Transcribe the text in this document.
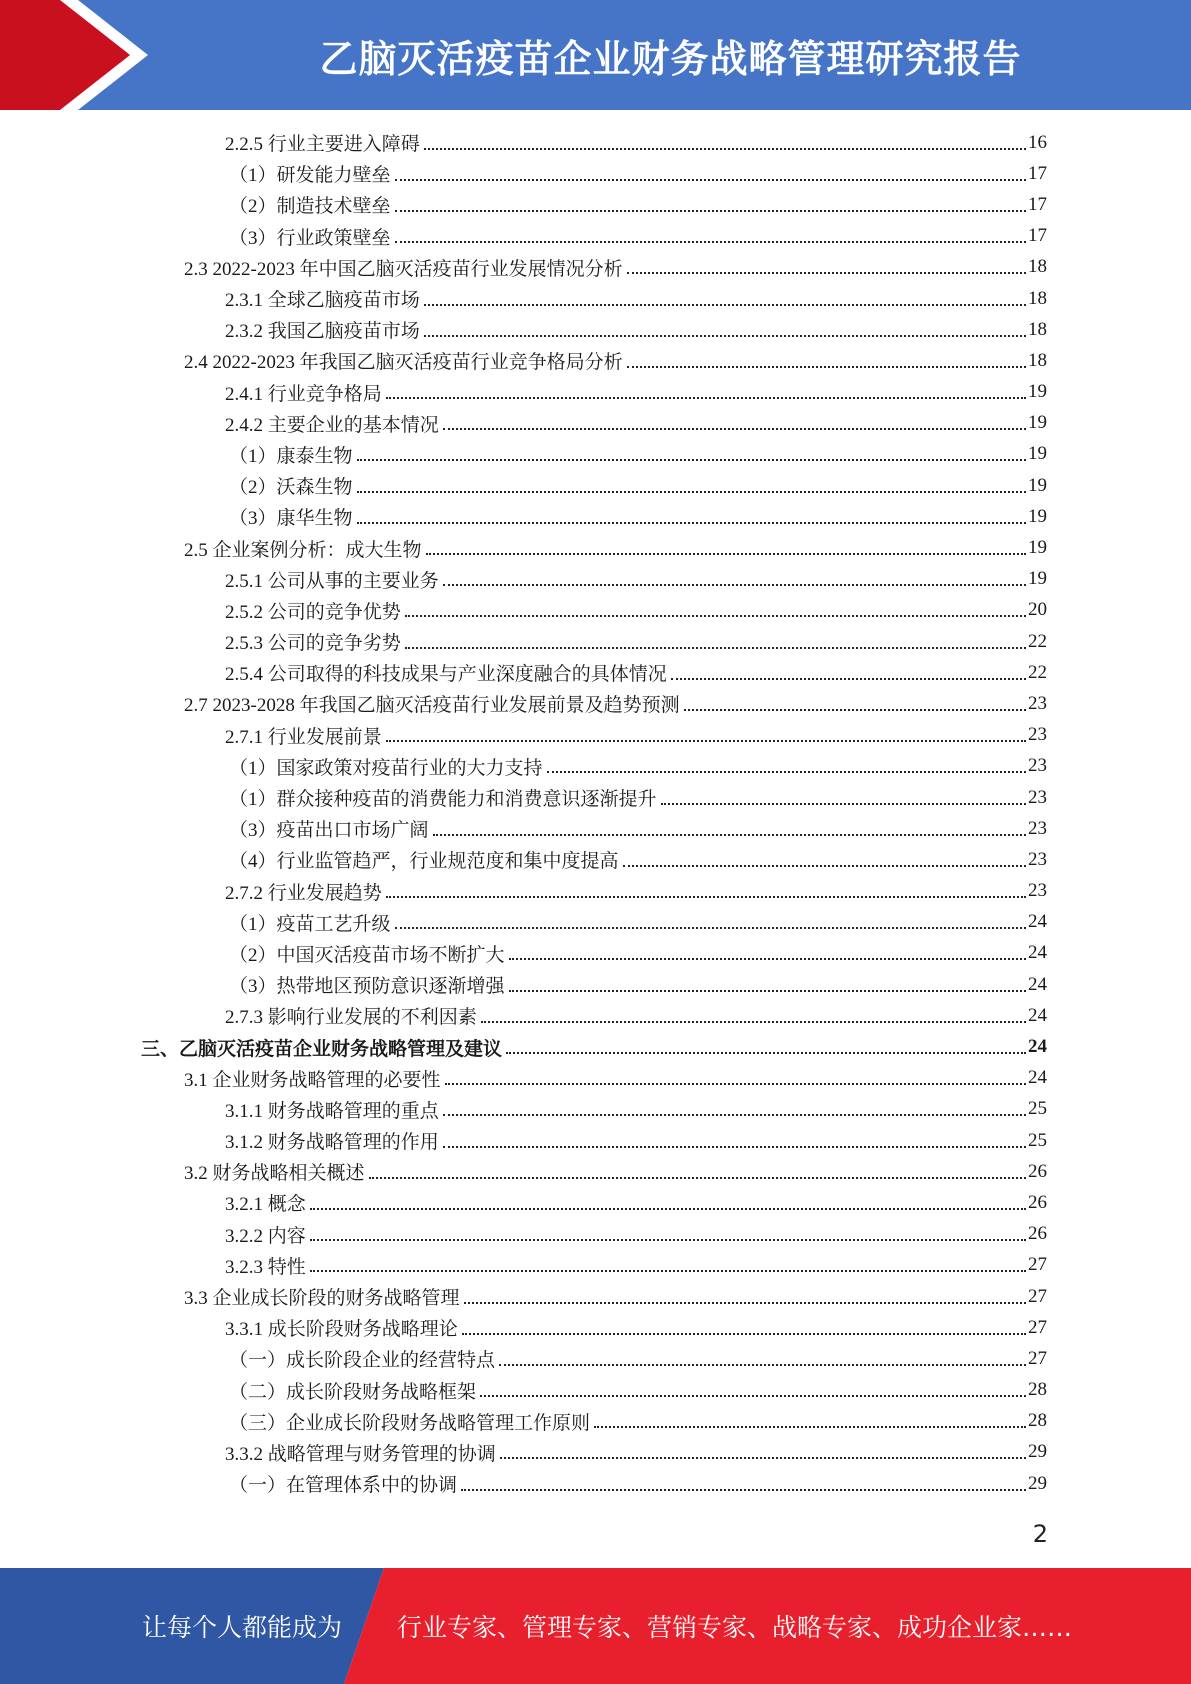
乙脑灭活疫苗企业财务战略管理研究报告
2.2.5 行业主要进入障碍	16
（1）研发能力壁垒	17
（2）制造技术壁垒	17
（3）行业政策壁垒	17
2.3 2022-2023 年中国乙脑灭活疫苗行业发展情况分析	18
2.3.1 全球乙脑疫苗市场	18
2.3.2 我国乙脑疫苗市场	18
2.4 2022-2023 年我国乙脑灭活疫苗行业竞争格局分析	18
2.4.1 行业竞争格局	19
2.4.2 主要企业的基本情况	19
（1）康泰生物	19
（2）沃森生物	19
（3）康华生物	19
2.5 企业案例分析：成大生物	19
2.5.1 公司从事的主要业务	19
2.5.2 公司的竞争优势	20
2.5.3 公司的竞争劣势	22
2.5.4 公司取得的科技成果与产业深度融合的具体情况	22
2.7 2023-2028 年我国乙脑灭活疫苗行业发展前景及趋势预测	23
2.7.1 行业发展前景	23
（1）国家政策对疫苗行业的大力支持	23
（1）群众接种疫苗的消费能力和消费意识逐渐提升	23
（3）疫苗出口市场广阔	23
（4）行业监管趋严，行业规范度和集中度提高	23
2.7.2 行业发展趋势	23
（1）疫苗工艺升级	24
（2）中国灭活疫苗市场不断扩大	24
（3）热带地区预防意识逐渐增强	24
2.7.3 影响行业发展的不利因素	24
三、乙脑灭活疫苗企业财务战略管理及建议	24
3.1 企业财务战略管理的必要性	24
3.1.1 财务战略管理的重点	25
3.1.2 财务战略管理的作用	25
3.2 财务战略相关概述	26
3.2.1 概念	26
3.2.2 内容	26
3.2.3 特性	27
3.3 企业成长阶段的财务战略管理	27
3.3.1 成长阶段财务战略理论	27
（一）成长阶段企业的经营特点	27
（二）成长阶段财务战略框架	28
（三）企业成长阶段财务战略管理工作原则	28
3.3.2 战略管理与财务管理的协调	29
（一）在管理体系中的协调	29
2
让每个人都能成为 行业专家、管理专家、营销专家、战略专家、成功企业家……
